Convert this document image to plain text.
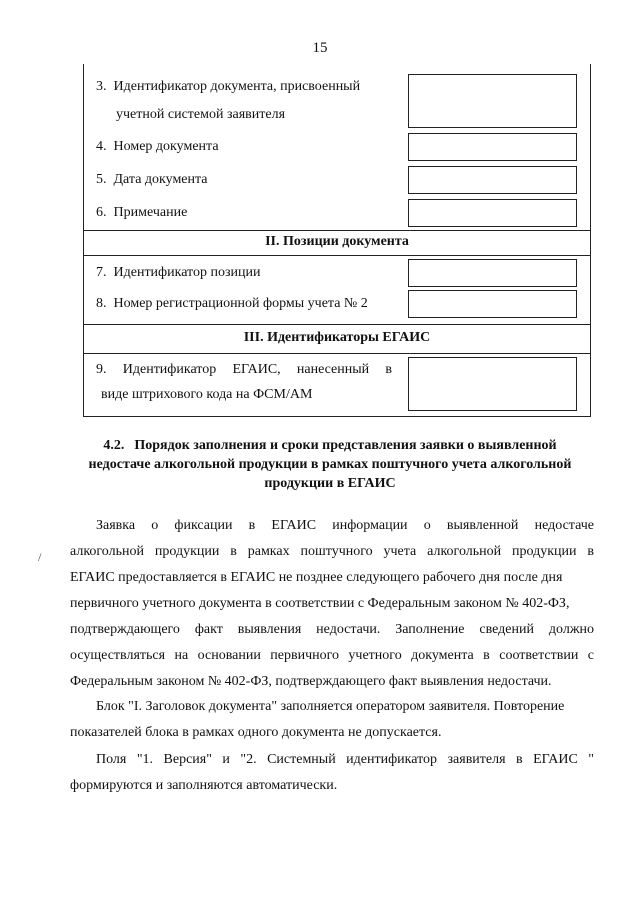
15
3. Идентификатор документа, присвоенный
учетной системой заявителя
4. Номер документа
5. Дата документа
6. Примечание
II. Позиции документа
7. Идентификатор позиции
8. Номер регистрационной формы учета № 2
III. Идентификаторы ЕГАИС
9. Идентификатор ЕГАИС, нанесенный в
виде штрихового кода на ФСМ/АМ
4.2. Порядок заполнения и сроки представления заявки о выявленной
недостаче алкогольной продукции в рамках поштучного учета алкогольной
продукции в ЕГАИС
/
Заявка о фиксации в ЕГАИС информации о выявленной недостаче
алкогольной продукции в рамках поштучного учета алкогольной продукции в
ЕГАИС предоставляется в ЕГАИС не позднее следующего рабочего дня после дня
первичного учетного документа в соответствии с Федеральным законом № 402-ФЗ,
подтверждающего факт выявления недостачи. Заполнение сведений должно
осуществляться на основании первичного учетного документа в соответствии с
Федеральным законом № 402-ФЗ, подтверждающего факт выявления недостачи.
Блок "I. Заголовок документа" заполняется оператором заявителя. Повторение
показателей блока в рамках одного документа не допускается.
Поля "1. Версия" и "2. Системный идентификатор заявителя в ЕГАИС "
формируются и заполняются автоматически.
